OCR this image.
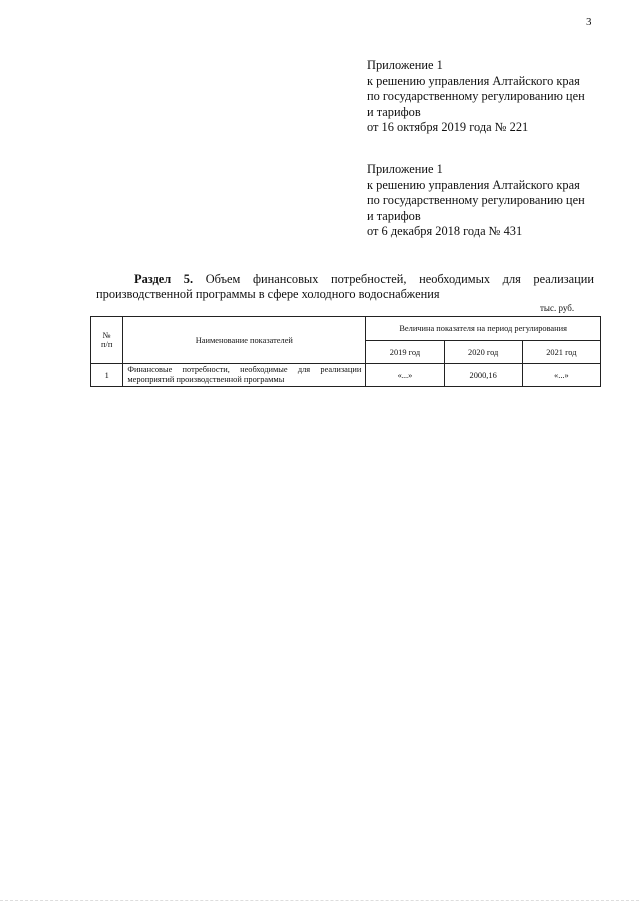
3
Приложение 1
к решению управления Алтайского края
по государственному регулированию цен
и тарифов
от 16 октября 2019 года № 221
Приложение 1
к решению управления Алтайского края
по государственному регулированию цен
и тарифов
от 6 декабря 2018 года № 431
Раздел 5. Объем финансовых потребностей, необходимых для реализации
производственной программы в сфере холодного водоснабжения
тыс. руб.
№
п/п	Наименование показателей	Величина показателя на период регулирования		
		2019 год	2020 год	2021 год
1	Финансовые потребности, необходимые для реализации мероприятий производственной программы	«...»	2000,16	«...»
